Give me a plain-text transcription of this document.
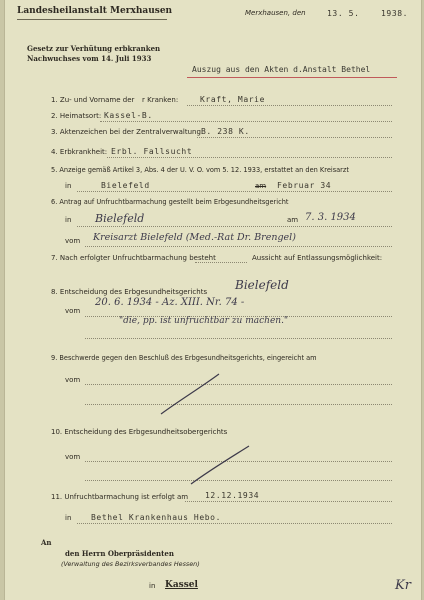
Landesheilanstalt Merxhausen	Merxhausen, den	13. 5.	1938.
Gesetz zur Verhütung erbkranken
Nachwuchses vom 14. Juli 1933
Auszug aus den Akten d.Anstalt Bethel
1. Zu- und Vorname der r Kranken:	Kraft, Marie
2. Heimatsort: Kassel-B.
3. Aktenzeichen bei der Zentralverwaltung:
B. 238 K.
4. Erbkrankheit: Erbl. Fallsucht
5. Anzeige gemäß Artikel 3, Abs. 4 der U. V. O. vom 5. 12. 1933, erstattet an den Kreisarzt
in	Bielefeld	am Februar 34
6. Antrag auf Unfruchtbarmachung gestellt beim Erbgesundheitsgericht
in Bielefeld	am 7. 3. 1934
vom Kreisarzt Bielefeld (Med.-Rat Dr. Brengel)
7. Nach erfolgter Unfruchtbarmachung besteht	Aussicht auf Entlassungsmöglichkeit:
8. Entscheidung des Erbgesundheitsgerichts Bielefeld
vom
20. 6. 1934 - Az. XIII. Nr. 74 -
"die, pp. ist unfruchtbar zu machen."
9. Beschwerde gegen den Beschluß des Erbgesundheitsgerichts, eingereicht am
vom
10. Entscheidung des Erbgesundheitsobergerichts
vom
11. Unfruchtbarmachung ist erfolgt am 12.12.1934
in Bethel Krankenhaus Hebo.
An
den Herrn Oberpräsidenten
(Verwaltung des Bezirksverbandes Hessen)
in Kassel	Kr
